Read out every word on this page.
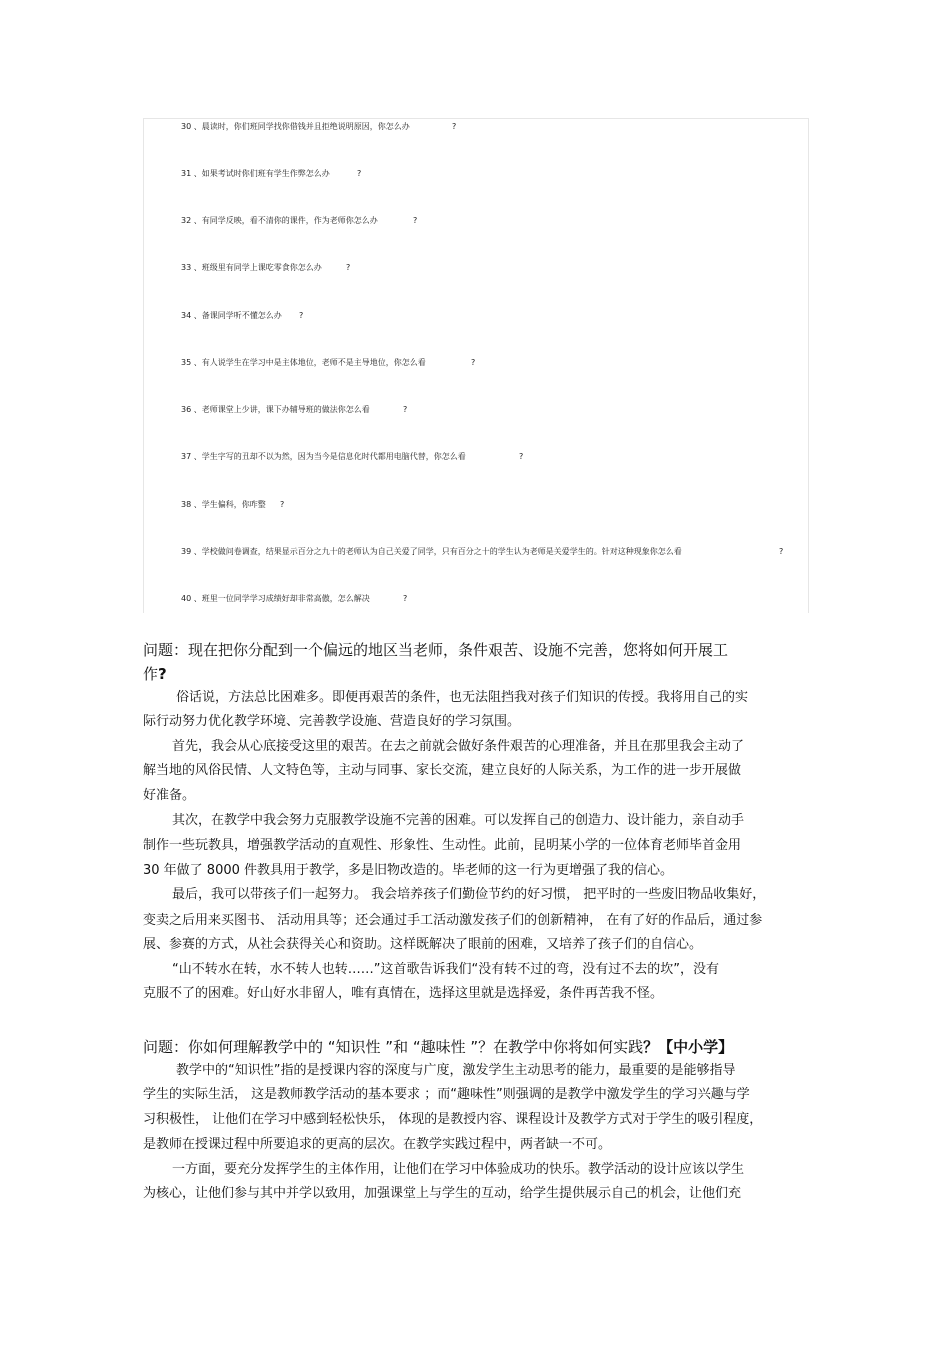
30 、晨读时，你们班同学找你借钱并且拒绝说明原因，你怎么办	?
31 、如果考试时你们班有学生作弊怎么办	?
32 、有同学反映，看不清你的课件，作为老师你怎么办	?
33 、班级里有同学上课吃零食你怎么办	?
34 、备课同学听不懂怎么办 ?
35 、有人说学生在学习中是主体地位，老师不是主导地位，你怎么看	?
36 、老师课堂上少讲，课下办辅导班的做法你怎么看	?
37 、学生字写的丑却不以为然，因为当今是信息化时代都用电脑代替，你怎么看	?
38 、学生偏科，你咋整 ?
39 、学校做问卷调查，结果显示百分之九十的老师认为自己关爱了同学，只有百分之十的学生认为老师是关爱学生的。针对这种现象你怎么看	?
40 、班里一位同学学习成绩好却非常高傲，怎么解决	?
问题：现在把你分配到一个偏远的地区当老师，条件艰苦、设施不完善，您将如何开展工
作?
俗话说，方法总比困难多。即便再艰苦的条件，也无法阻挡我对孩子们知识的传授。我将用自己的实
际行动努力优化教学环境、完善教学设施、营造良好的学习氛围。
首先，我会从心底接受这里的艰苦。在去之前就会做好条件艰苦的心理准备，并且在那里我会主动了
解当地的风俗民情、人文特色等，主动与同事、家长交流，建立良好的人际关系，为工作的进一步开展做
好准备。
其次，在教学中我会努力克服教学设施不完善的困难。可以发挥自己的创造力、设计能力，亲自动手
制作一些玩教具，增强教学活动的直观性、形象性、生动性。此前，昆明某小学的一位体育老师毕首金用
30 年做了 8000 件教具用于教学，多是旧物改造的。毕老师的这一行为更增强了我的信心。
最后，我可以带孩子们一起努力。 我会培养孩子们勤俭节约的好习惯， 把平时的一些废旧物品收集好，
变卖之后用来买图书、 活动用具等；还会通过手工活动激发孩子们的创新精神， 在有了好的作品后，通过参
展、参赛的方式，从社会获得关心和资助。这样既解决了眼前的困难，又培养了孩子们的自信心。
“山不转水在转，水不转人也转……”这首歌告诉我们“没有转不过的弯，没有过不去的坎”，没有
克服不了的困难。好山好水非留人，唯有真情在，选择这里就是选择爱，条件再苦我不怪。
问题：你如何理解教学中的 “知识性 ”和 “趣味性 ”？在教学中你将如何实践？【中小学】
教学中的“知识性”指的是授课内容的深度与广度，激发学生主动思考的能力，最重要的是能够指导
学生的实际生活， 这是教师教学活动的基本要求 ；而“趣味性”则强调的是教学中激发学生的学习兴趣与学
习积极性， 让他们在学习中感到轻松快乐， 体现的是教授内容、课程设计及教学方式对于学生的吸引程度，
是教师在授课过程中所要追求的更高的层次。在教学实践过程中，两者缺一不可。
一方面，要充分发挥学生的主体作用，让他们在学习中体验成功的快乐。教学活动的设计应该以学生
为核心，让他们参与其中并学以致用，加强课堂上与学生的互动，给学生提供展示自己的机会，让他们充
